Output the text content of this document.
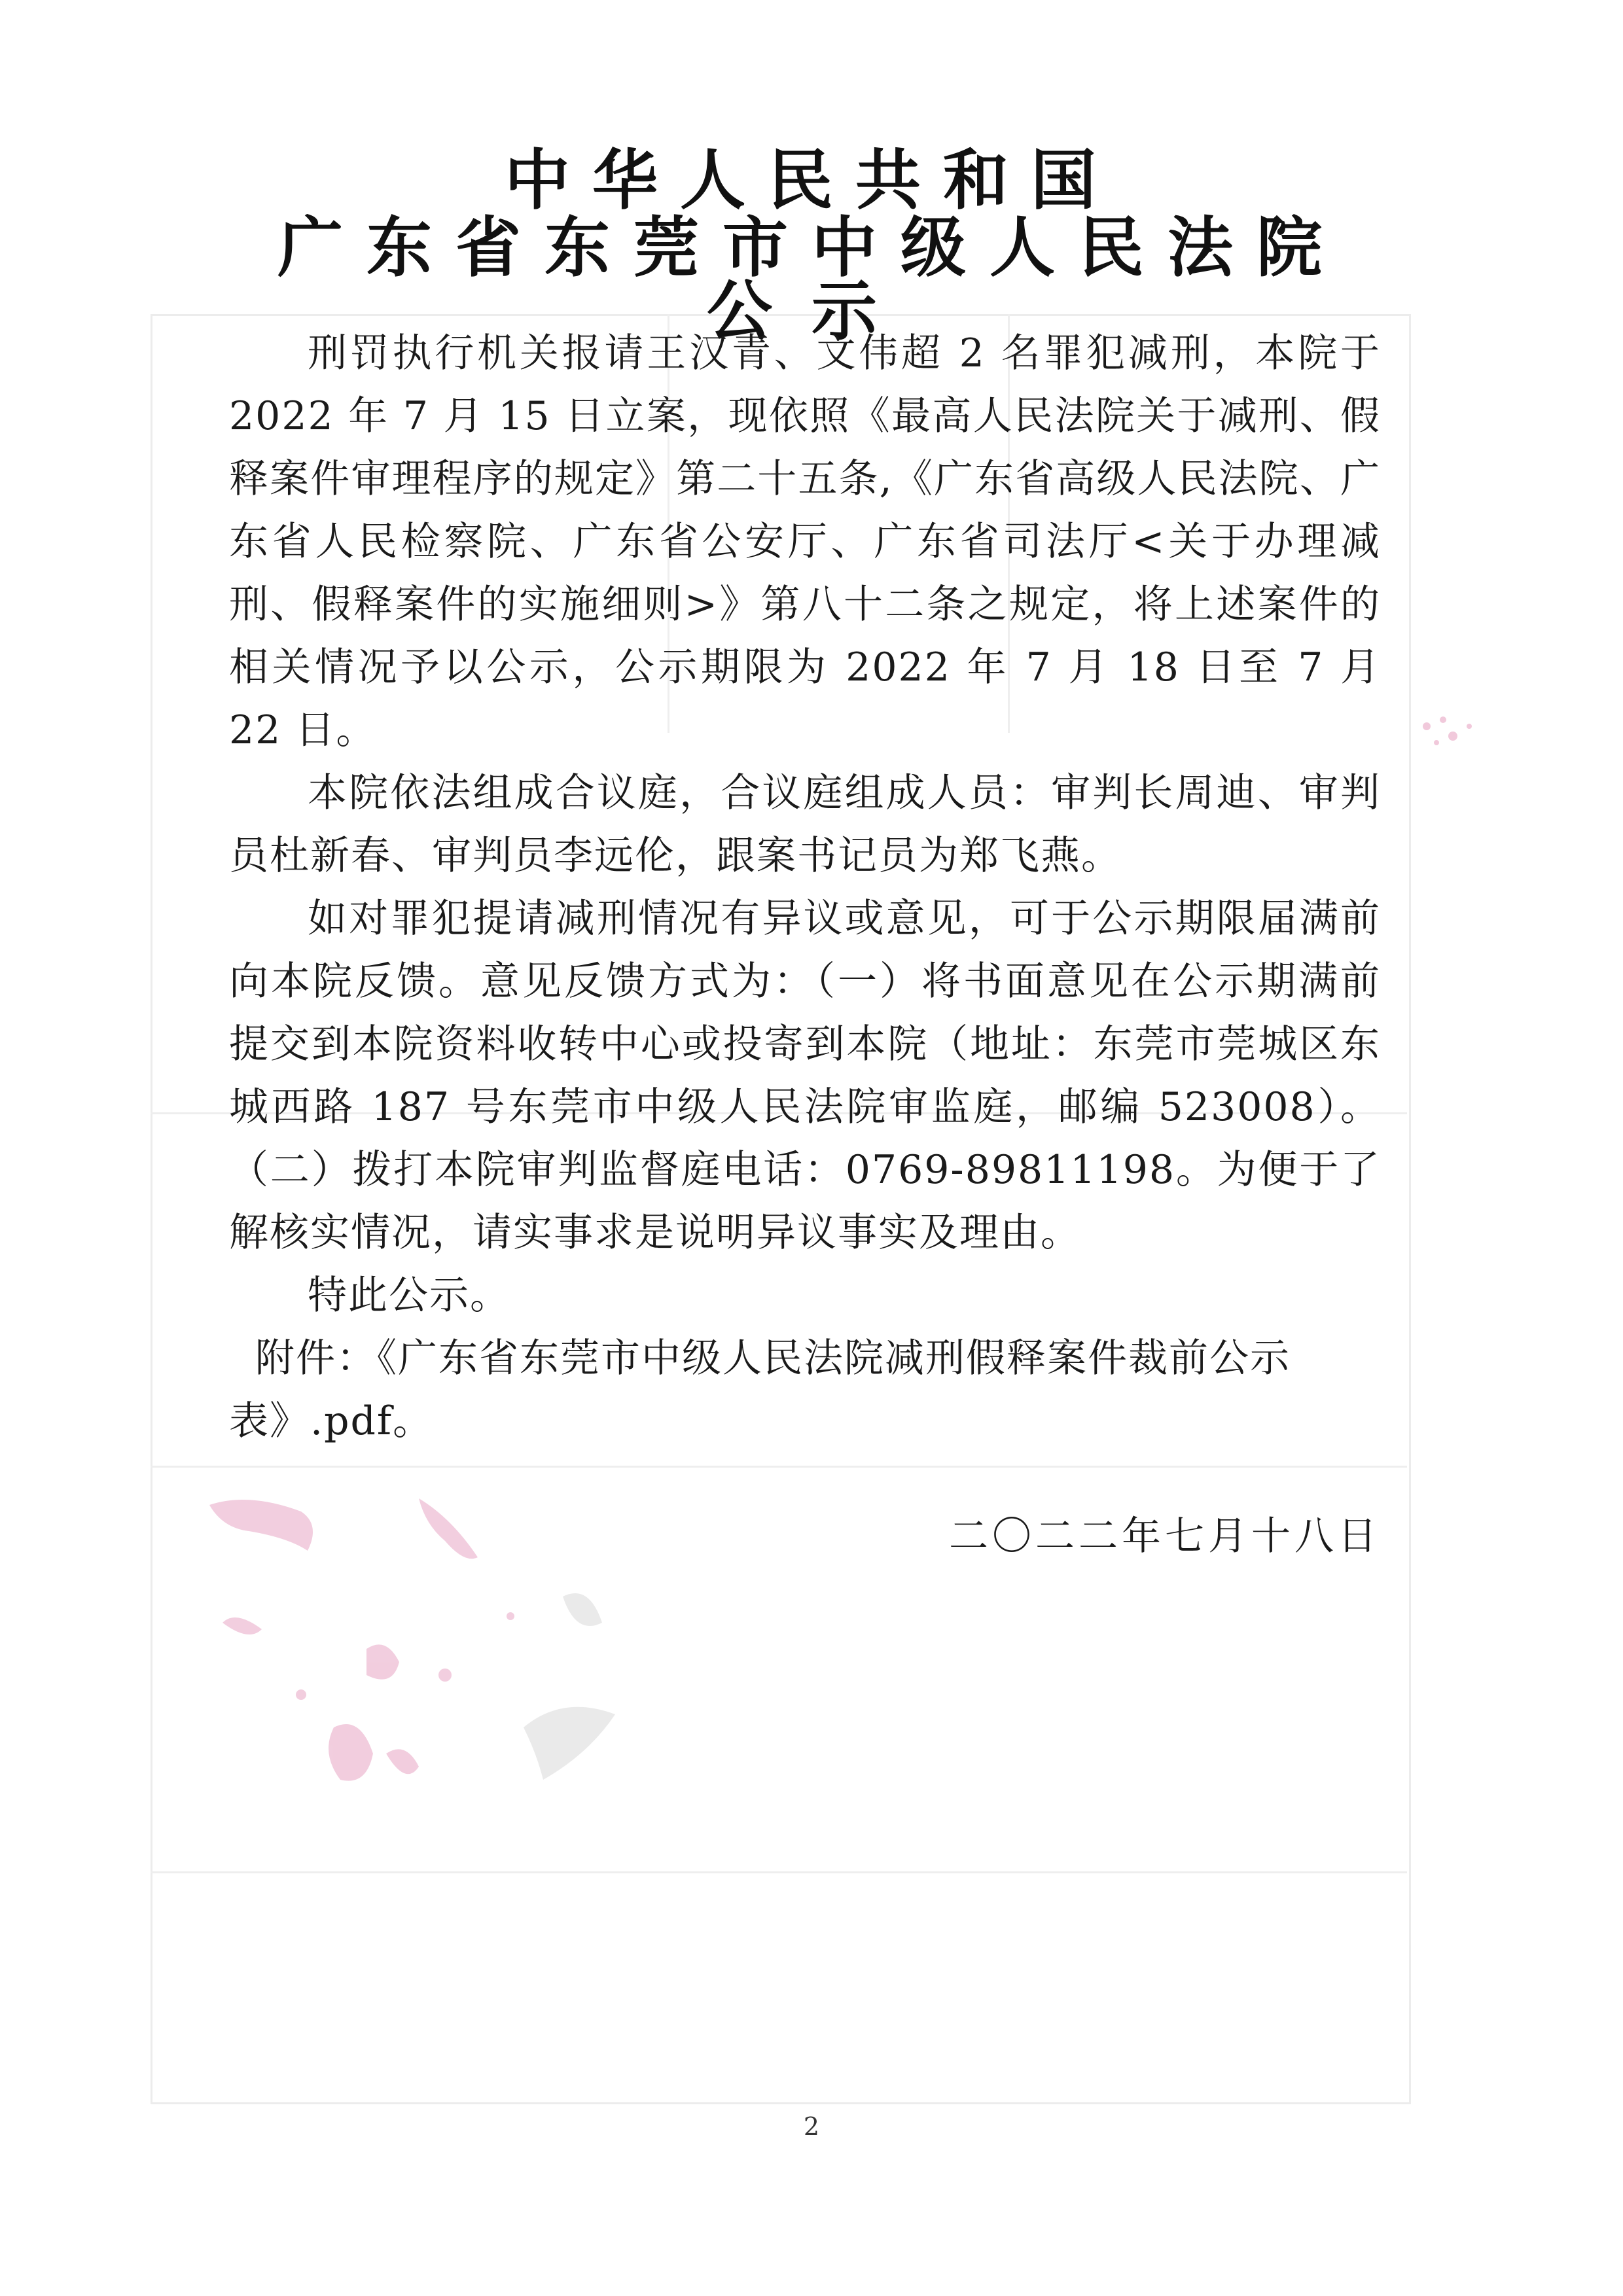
中华人民共和国
广东省东莞市中级人民法院
公示

刑罚执行机关报请王汉青、文伟超 2 名罪犯减刑，本院于 2022 年 7 月 15 日立案，现依照《最高人民法院关于减刑、假释案件审理程序的规定》第二十五条,《广东省高级人民法院、广东省人民检察院、广东省公安厅、广东省司法厅<关于办理减刑、假释案件的实施细则>》第八十二条之规定，将上述案件的相关情况予以公示，公示期限为 2022 年 7 月 18 日至 7 月 22 日。

本院依法组成合议庭，合议庭组成人员：审判长周迪、审判员杜新春、审判员李远伦，跟案书记员为郑飞燕。

如对罪犯提请减刑情况有异议或意见，可于公示期限届满前向本院反馈。意见反馈方式为：（一）将书面意见在公示期满前提交到本院资料收转中心或投寄到本院（地址：东莞市莞城区东城西路 187 号东莞市中级人民法院审监庭，邮编 523008）。（二）拨打本院审判监督庭电话：0769-89811198。为便于了解核实情况，请实事求是说明异议事实及理由。

特此公示。

附件：《广东省东莞市中级人民法院减刑假释案件裁前公示
表》.pdf。
二〇二二年七月十八日
2
